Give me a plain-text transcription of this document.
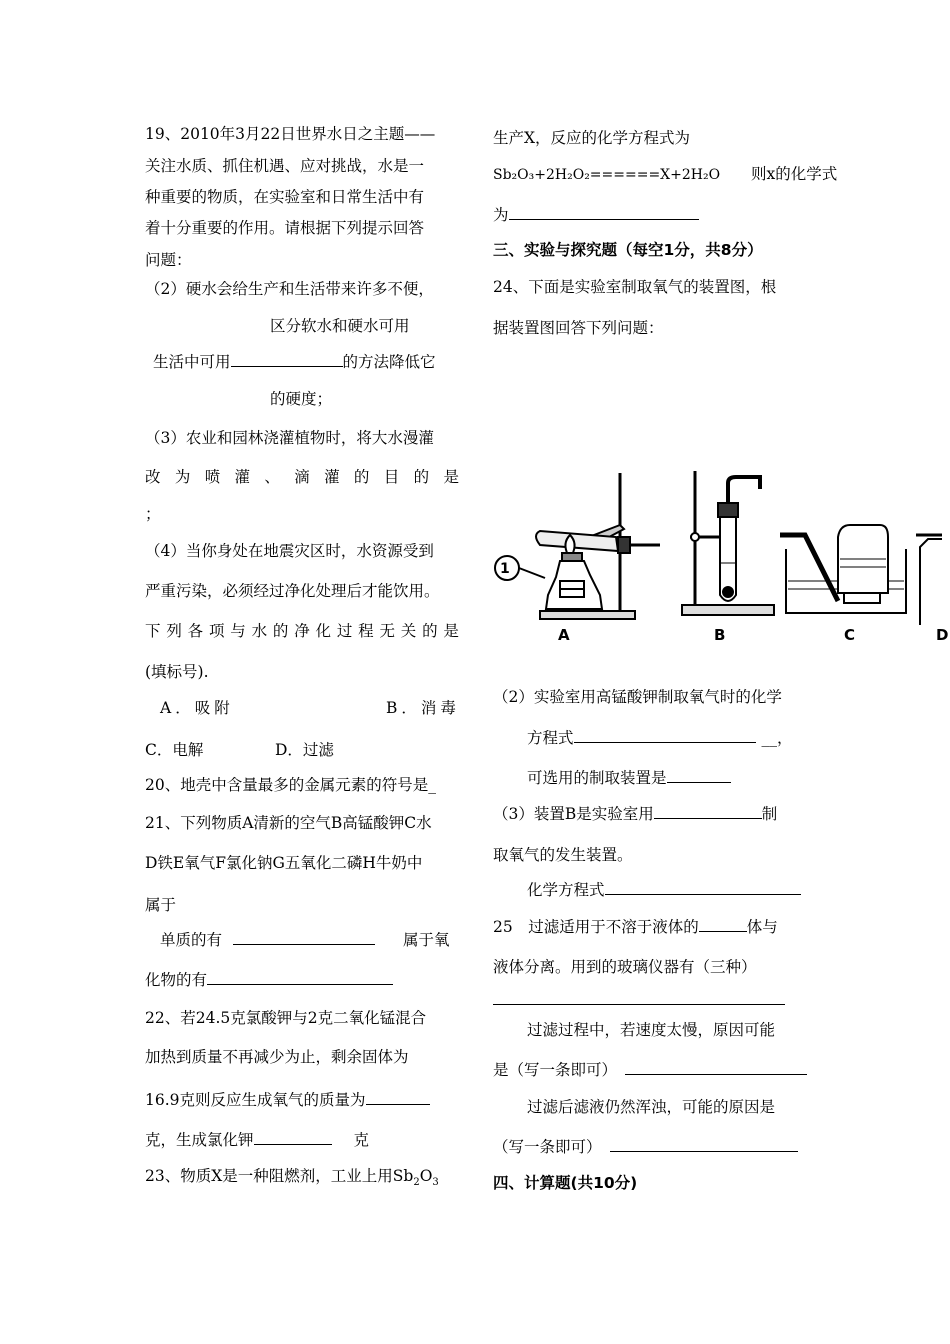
19、2010年3月22日世界水日之主题——
关注水质、抓住机遇、应对挑战，水是一
种重要的物质，在实验室和日常生活中有
着十分重要的作用。请根据下列提示回答
问题：
（2）硬水会给生产和生活带来许多不便，
区分软水和硬水可用
生活中可用	的方法降低它
的硬度；
（3）农业和园林浇灌植物时，将大水漫灌
改 为 喷 灌 、 滴 灌 的 目 的 是
；
（4）当你身处在地震灾区时，水资源受到
严重污染，必须经过净化处理后才能饮用。
下 列 各 项 与 水 的 净 化 过 程 无 关 的 是
(填标号).
A．吸附	B．消毒
C．电解	D．过滤
20、地壳中含量最多的金属元素的符号是_
21、下列物质A清新的空气B高锰酸钾C水
D铁E氧气F氯化钠G五氧化二磷H牛奶中
属于
单质的有	属于氧
化物的有
22、若24.5克氯酸钾与2克二氧化锰混合
加热到质量不再减少为止，剩余固体为
16.9克则反应生成氧气的质量为
克，生成氯化钾	克
23、物质X是一种阻燃剂，工业上用$Sb_2O_3$
生产X，反应的化学方程式为
Sb₂O₃+2H₂O₂======X+2H₂O 则x的化学式
为
三、实验与探究题（每空1分，共8分）
24、下面是实验室制取氧气的装置图，根
据装置图回答下列问题：
A	B	C	D
1
（2）实验室用高锰酸钾制取氧气时的化学
方程式	__，
可选用的制取装置是
（3）装置B是实验室用	制
取氧气的发生装置。
化学方程式
25　过滤适用于不溶于液体的	体与
液体分离。用到的玻璃仪器有（三种）
过滤过程中，若速度太慢，原因可能
是（写一条即可）
过滤后滤液仍然浑浊，可能的原因是
（写一条即可）
四、计算题(共10分)
